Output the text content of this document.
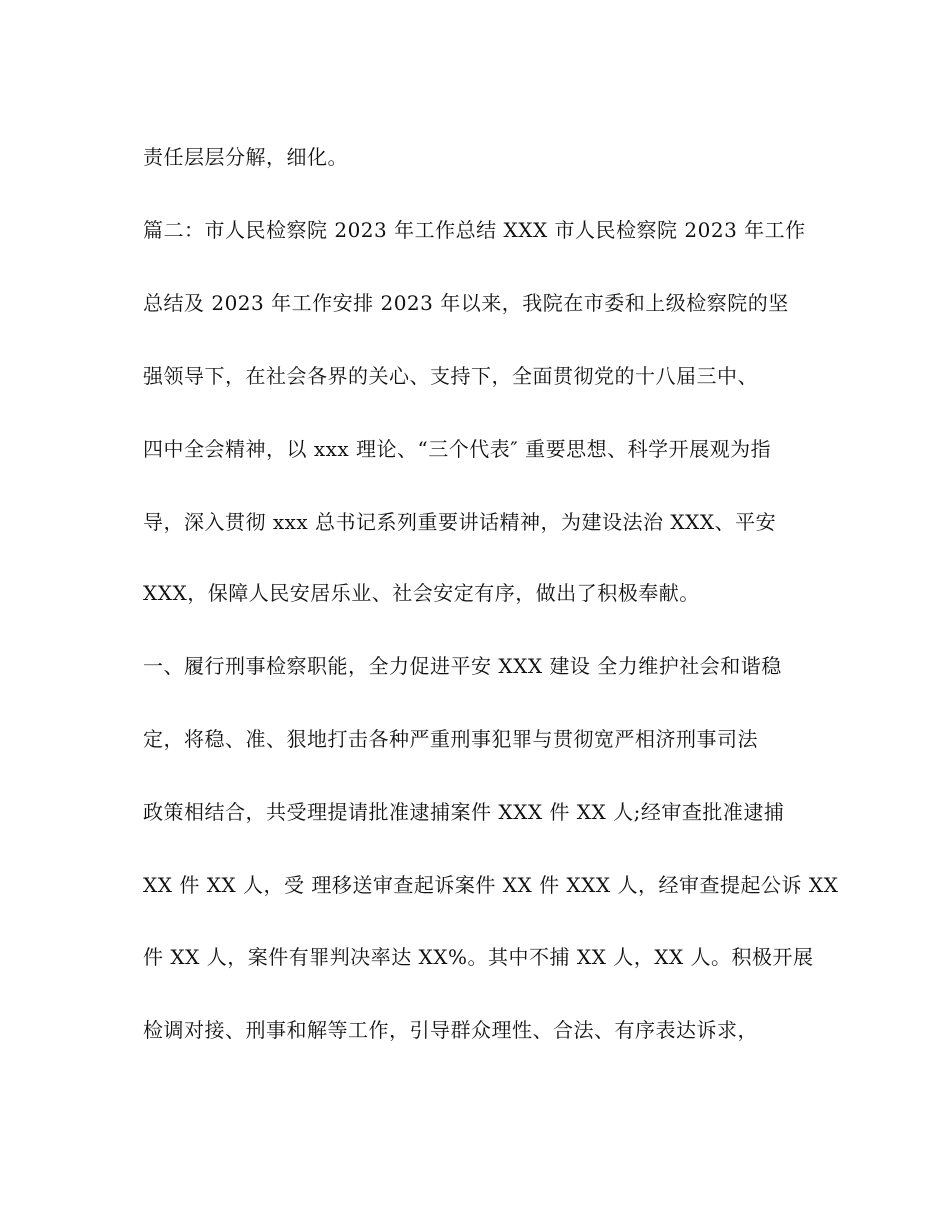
责任层层分解，细化。
篇二：市人民检察院 2023 年工作总结 XXX 市人民检察院 2023 年工作
总结及 2023 年工作安排 2023 年以来，我院在市委和上级检察院的坚
强领导下，在社会各界的关心、支持下，全面贯彻党的十八届三中、
四中全会精神，以 xxx 理论、“三个代表″ 重要思想、科学开展观为指
导，深入贯彻 xxx 总书记系列重要讲话精神，为建设法治 XXX、平安
XXX，保障人民安居乐业、社会安定有序，做出了积极奉献。
一、履行刑事检察职能，全力促进平安 XXX 建设 全力维护社会和谐稳
定，将稳、准、狠地打击各种严重刑事犯罪与贯彻宽严相济刑事司法
政策相结合，共受理提请批准逮捕案件 XXX 件 XX 人;经审查批准逮捕
XX 件 XX 人，受 理移送审查起诉案件 XX 件 XXX 人，经审查提起公诉 XX
件 XX 人，案件有罪判决率达 XX%。其中不捕 XX 人，XX 人。积极开展
检调对接、刑事和解等工作，引导群众理性、合法、有序表达诉求，
